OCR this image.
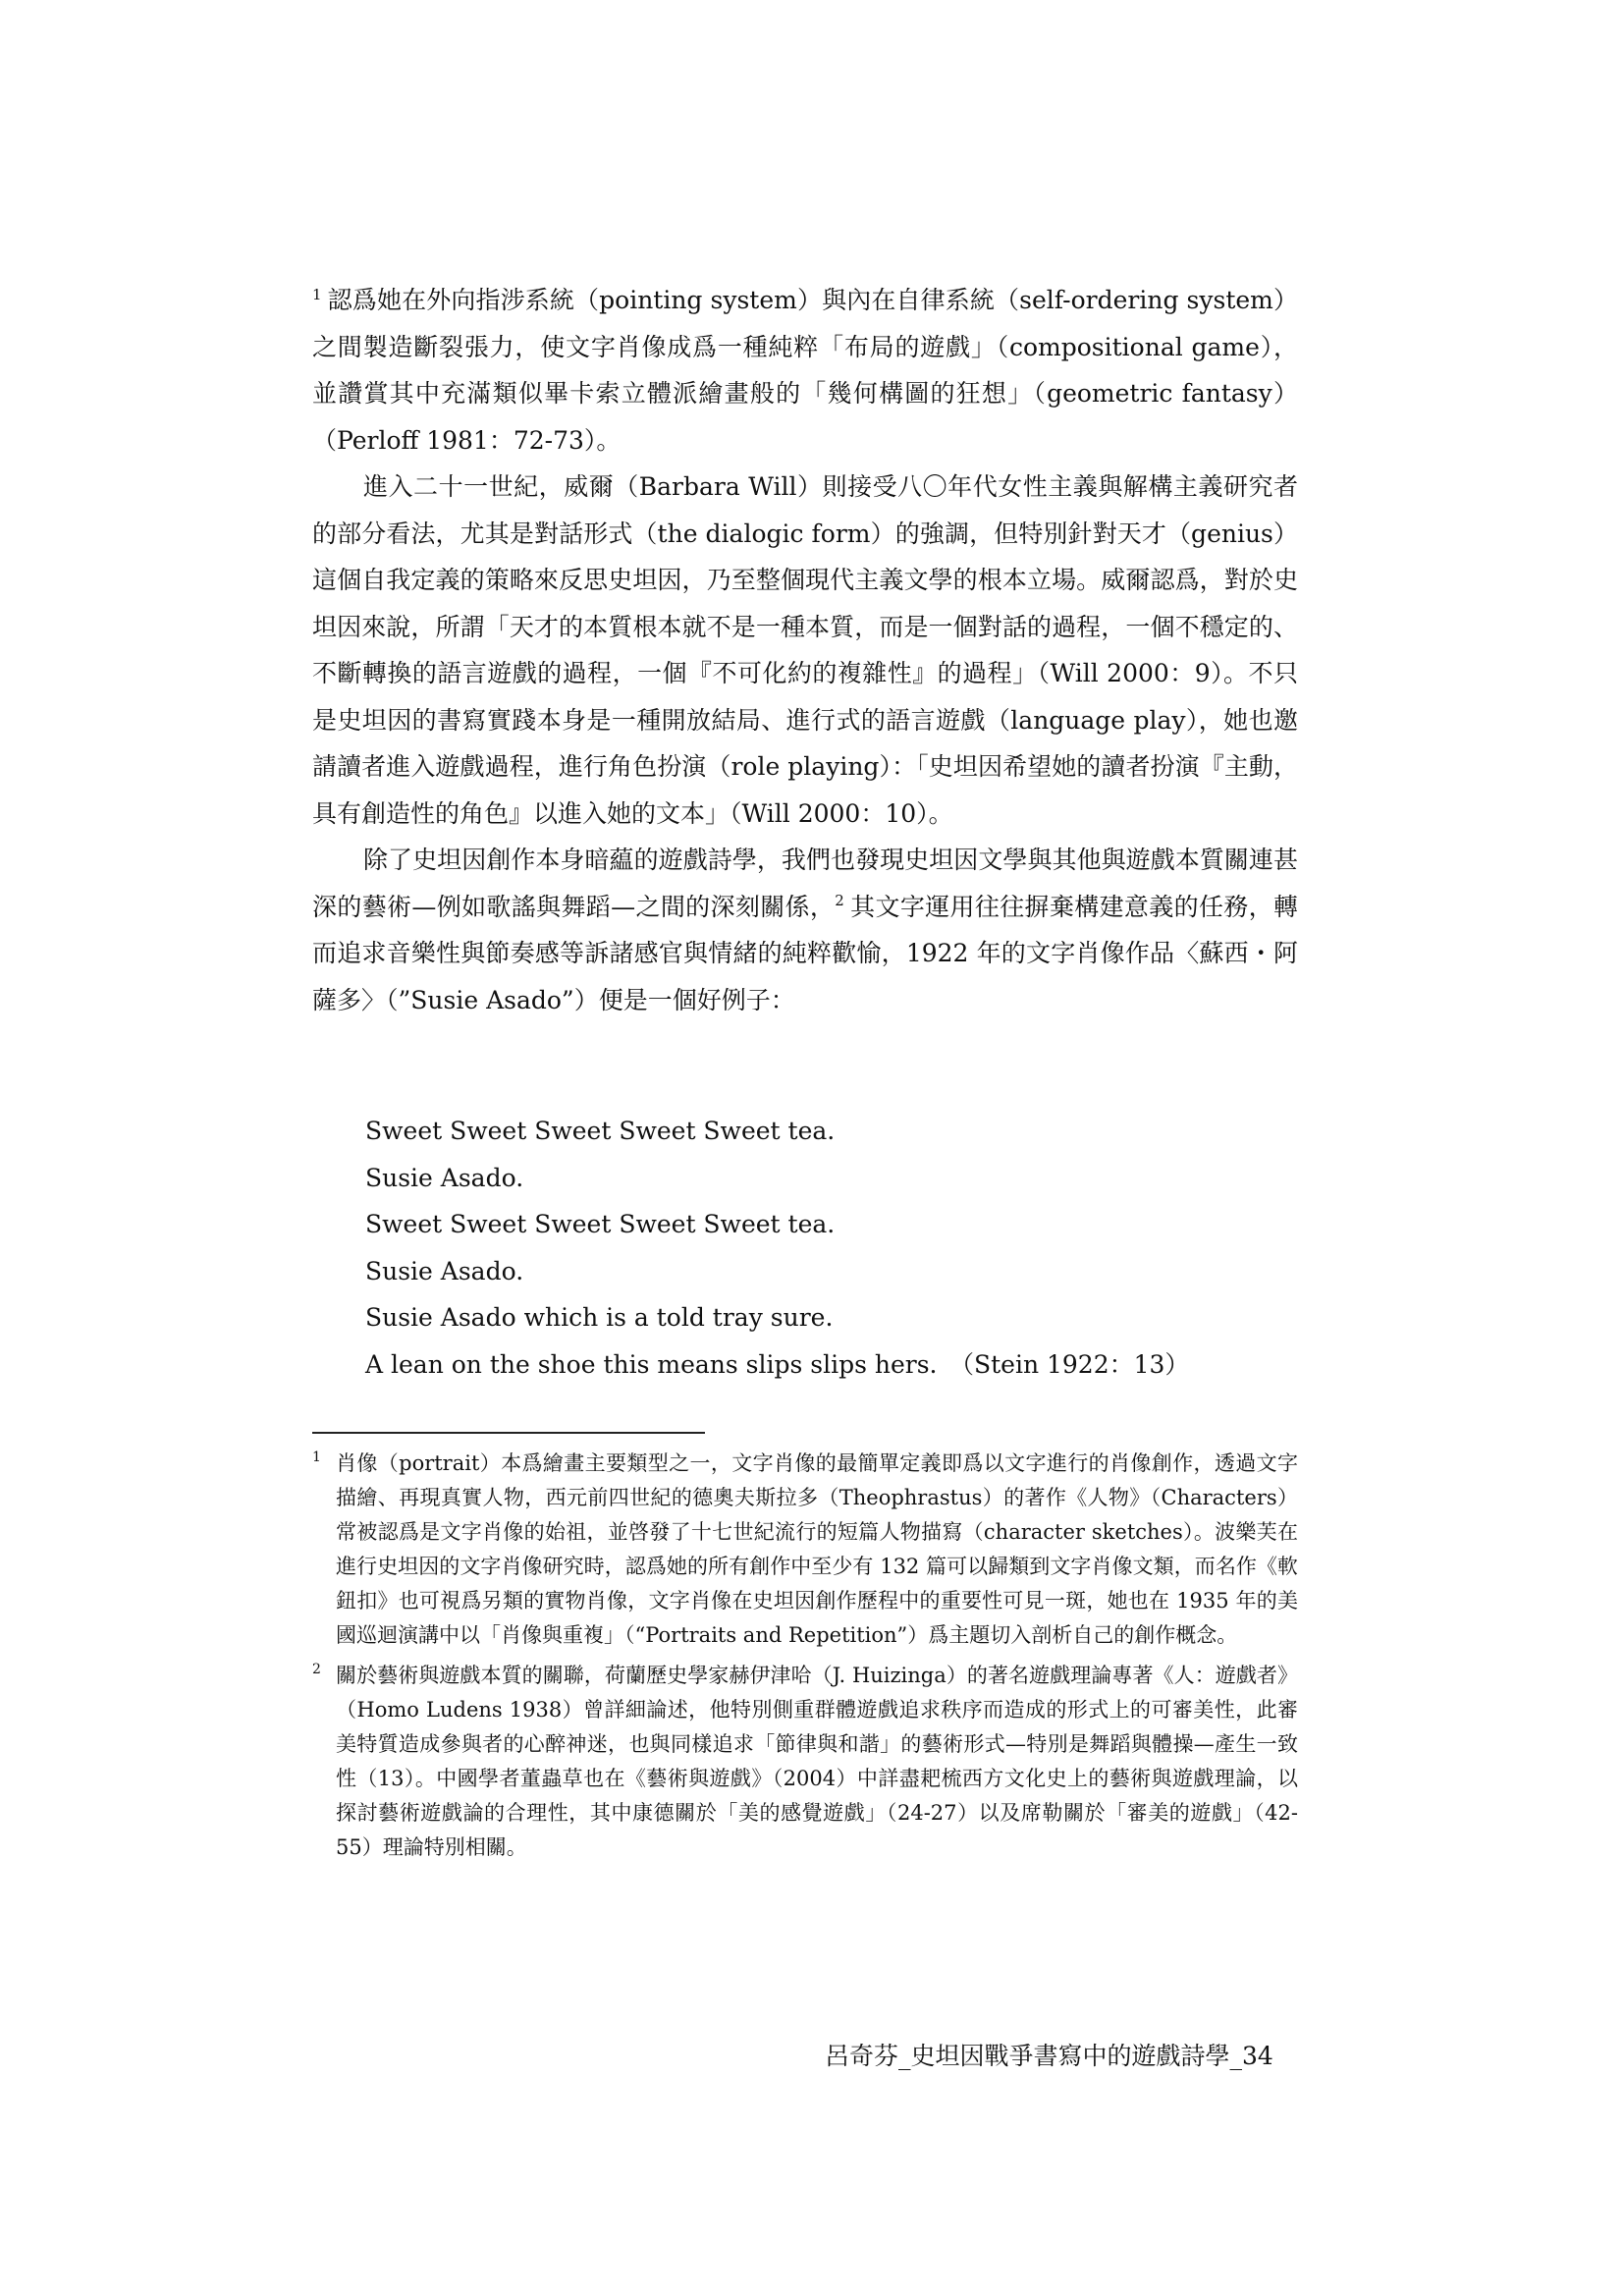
$^1$ 認爲她在外向指涉系統（pointing system）與內在自律系統（self-ordering system）之間製造斷裂張力，使文字肖像成爲一種純粹「布局的遊戲」（compositional game），並讚賞其中充滿類似畢卡索立體派繪畫般的「幾何構圖的狂想」（geometric fantasy）（Perloff 1981：72-73）。

進入二十一世紀，威爾（Barbara Will）則接受八〇年代女性主義與解構主義研究者的部分看法，尤其是對話形式（the dialogic form）的強調，但特別針對天才（genius）這個自我定義的策略來反思史坦因，乃至整個現代主義文學的根本立場。威爾認爲，對於史坦因來說，所謂「天才的本質根本就不是一種本質，而是一個對話的過程，一個不穩定的、不斷轉換的語言遊戲的過程，一個『不可化約的複雜性』的過程」（Will 2000：9）。不只是史坦因的書寫實踐本身是一種開放結局、進行式的語言遊戲（language play），她也邀請讀者進入遊戲過程，進行角色扮演（role playing）：「史坦因希望她的讀者扮演『主動，具有創造性的角色』以進入她的文本」（Will 2000：10）。

除了史坦因創作本身暗藴的遊戲詩學，我們也發現史坦因文學與其他與遊戲本質關連甚深的藝術—例如歌謠與舞蹈—之間的深刻關係，$^2$ 其文字運用往往摒棄構建意義的任務，轉而追求音樂性與節奏感等訴諸感官與情緒的純粹歡愉，1922 年的文字肖像作品〈蘇西・阿薩多〉（”Susie Asado”）便是一個好例子：

Sweet Sweet Sweet Sweet Sweet tea.

Susie Asado.

Sweet Sweet Sweet Sweet Sweet tea.

Susie Asado.

Susie Asado which is a told tray sure.

A lean on the shoe this means slips slips hers.　（Stein 1922：13）

1 肖像（portrait）本爲繪畫主要類型之一，文字肖像的最簡單定義即爲以文字進行的肖像創作，透過文字描繪、再現真實人物，西元前四世紀的德奧夫斯拉多（Theophrastus）的著作《人物》（Characters）常被認爲是文字肖像的始祖，並啓發了十七世紀流行的短篇人物描寫（character sketches）。波樂芙在進行史坦因的文字肖像研究時，認爲她的所有創作中至少有 132 篇可以歸類到文字肖像文類，而名作《軟鈕扣》也可視爲另類的實物肖像，文字肖像在史坦因創作歷程中的重要性可見一斑，她也在 1935 年的美國巡迴演講中以「肖像與重複」（“Portraits and Repetition”）爲主題切入剖析自己的創作概念。

2 關於藝術與遊戲本質的關聯，荷蘭歷史學家赫伊津哈（J. Huizinga）的著名遊戲理論專著《人：遊戲者》（Homo Ludens 1938）曾詳細論述，他特別側重群體遊戲追求秩序而造成的形式上的可審美性，此審美特質造成參與者的心醉神迷，也與同樣追求「節律與和諧」的藝術形式—特別是舞蹈與體操—產生一致性（13）。中國學者董蟲草也在《藝術與遊戲》（2004）中詳盡耙梳西方文化史上的藝術與遊戲理論，以探討藝術遊戲論的合理性，其中康德關於「美的感覺遊戲」（24-27）以及席勒關於「審美的遊戲」（42-55）理論特別相關。

呂奇芬_史坦因戰爭書寫中的遊戲詩學_34
